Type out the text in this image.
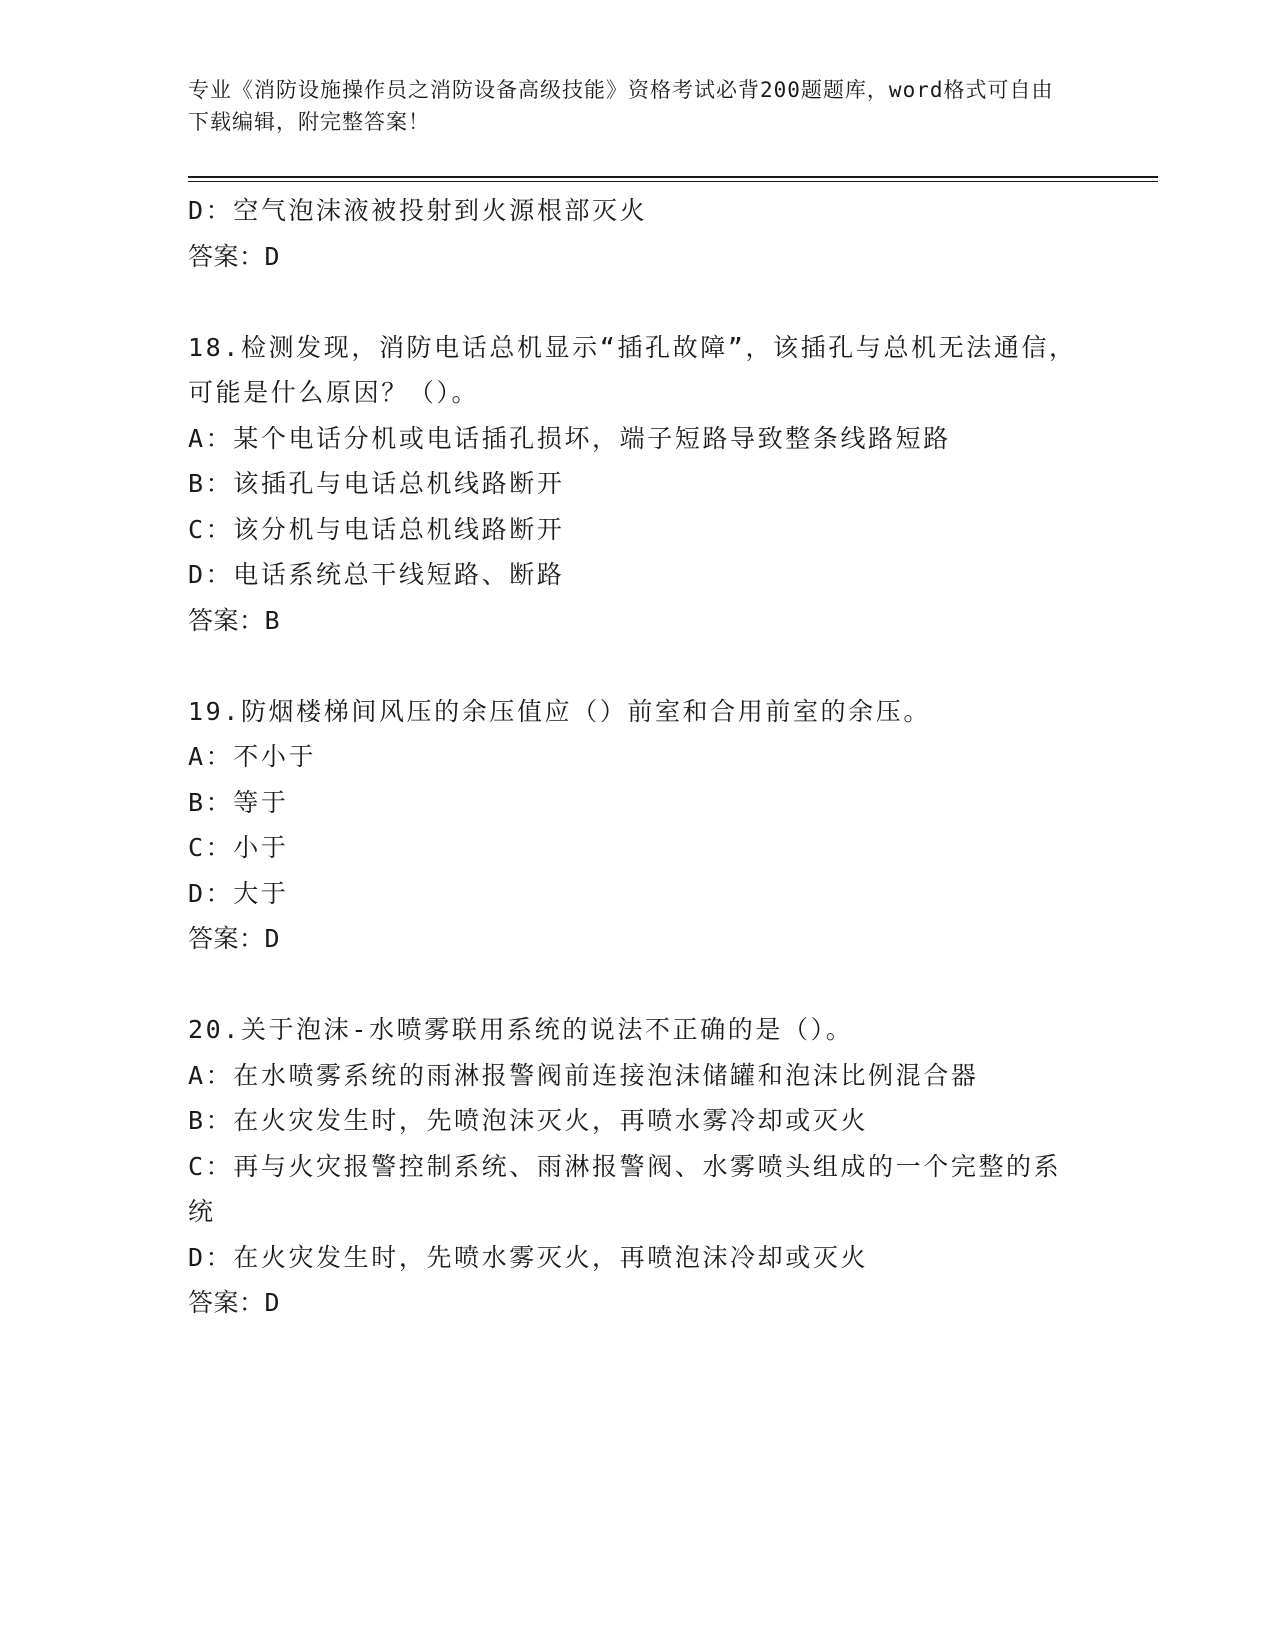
专业《消防设施操作员之消防设备高级技能》资格考试必背200题题库，word格式可自由下载编辑，附完整答案！
D：空气泡沫液被投射到火源根部灭火
答案：D
18.检测发现，消防电话总机显示“插孔故障”，该插孔与总机无法通信，可能是什么原因？（）。
A：某个电话分机或电话插孔损坏，端子短路导致整条线路短路
B：该插孔与电话总机线路断开
C：该分机与电话总机线路断开
D：电话系统总干线短路、断路
答案：B
19.防烟楼梯间风压的余压值应（）前室和合用前室的余压。
A：不小于
B：等于
C：小于
D：大于
答案：D
20.关于泡沫-水喷雾联用系统的说法不正确的是（）。
A：在水喷雾系统的雨淋报警阀前连接泡沫储罐和泡沫比例混合器
B：在火灾发生时，先喷泡沫灭火，再喷水雾冷却或灭火
C：再与火灾报警控制系统、雨淋报警阀、水雾喷头组成的一个完整的系统
D：在火灾发生时，先喷水雾灭火，再喷泡沫冷却或灭火
答案：D
